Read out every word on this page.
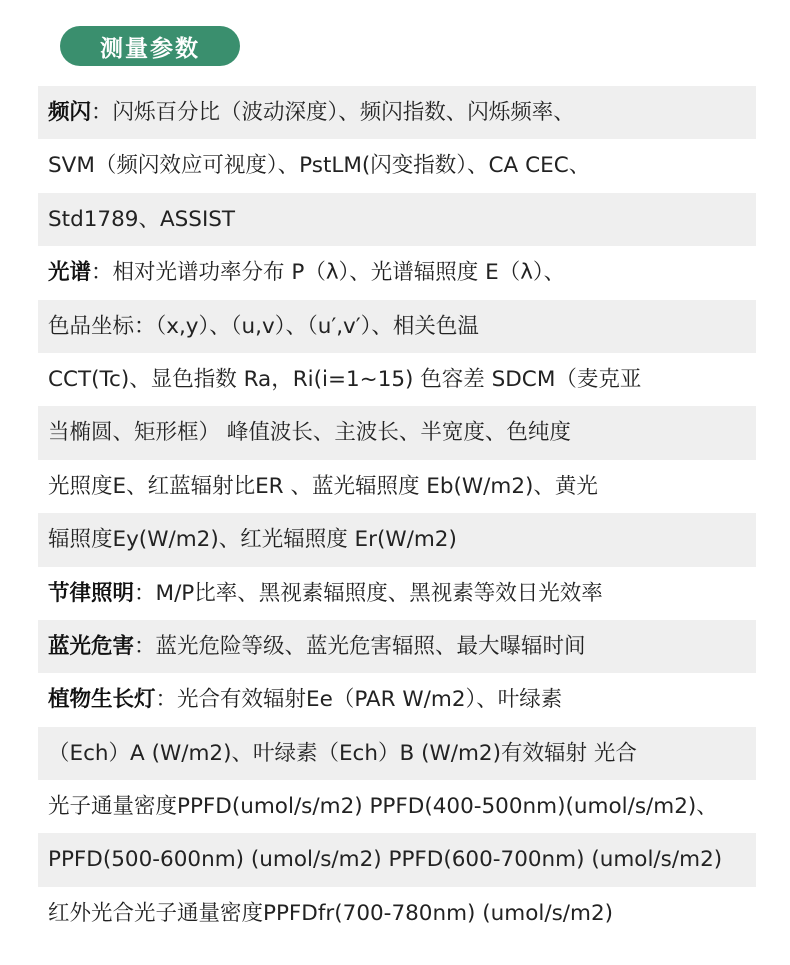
测量参数
频闪：闪烁百分比（波动深度）、频闪指数、闪烁频率、
SVM（频闪效应可视度）、PstLM(闪变指数）、CA CEC、
Std1789、ASSIST
光谱：相对光谱功率分布 P（λ）、光谱辐照度 E（λ）、
色品坐标：（x,y）、（u,v）、（u′,v′）、相关色温
CCT(Tc)、显色指数 Ra，Ri(i=1~15) 色容差 SDCM（麦克亚
当椭圆、矩形框） 峰值波长、主波长、半宽度、色纯度
光照度E、红蓝辐射比ER 、蓝光辐照度 Eb(W/m2)、黄光
辐照度Ey(W/m2)、红光辐照度 Er(W/m2)
节律照明：M/P比率、黑视素辐照度、黑视素等效日光效率
蓝光危害：蓝光危险等级、蓝光危害辐照、最大曝辐时间
植物生长灯：光合有效辐射Ee（PAR W/m2）、叶绿素
（Ech）A (W/m2)、叶绿素（Ech）B (W/m2)有效辐射 光合
光子通量密度PPFD(umol/s/m2) PPFD(400-500nm)(umol/s/m2)、
PPFD(500-600nm) (umol/s/m2) PPFD(600-700nm) (umol/s/m2)
红外光合光子通量密度PPFDfr(700-780nm) (umol/s/m2)
